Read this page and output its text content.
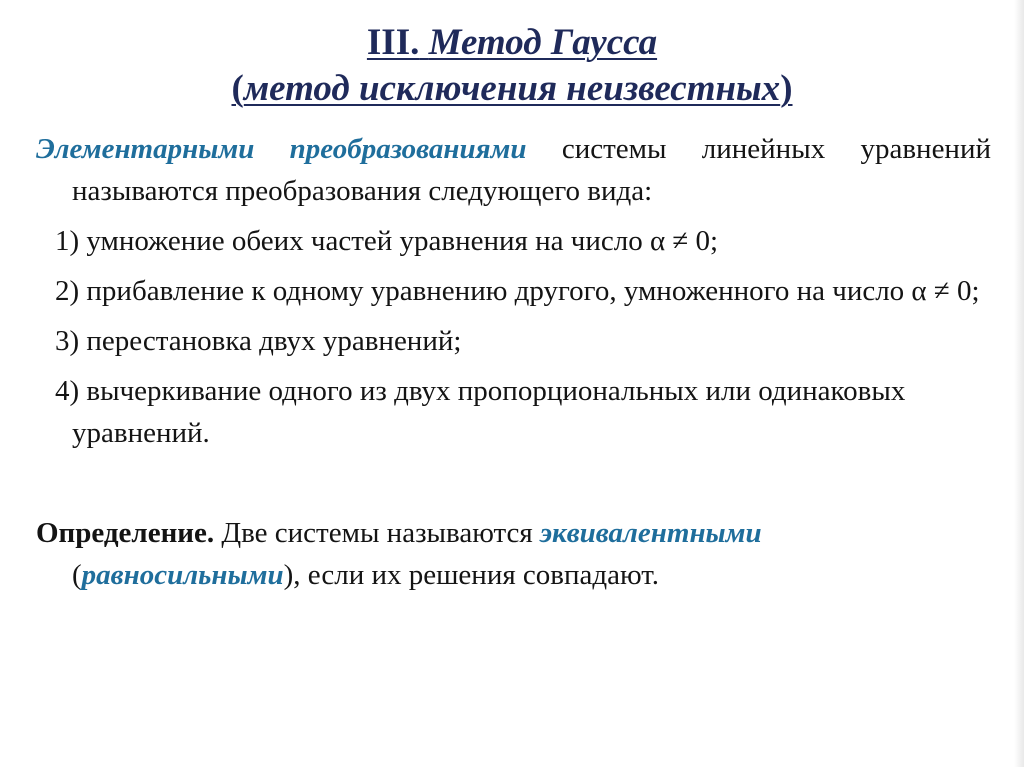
III. Метод Гаусса
(метод исключения неизвестных)

Элементарными преобразованиями системы линейных уравнений называются преобразования следующего вида:

1) умножение обеих частей уравнения на число α ≠ 0;

2) прибавление к одному уравнению другого, умноженного на число α ≠ 0;

3) перестановка двух уравнений;

4) вычеркивание одного из двух пропорциональных или одинаковых уравнений.

Определение. Две системы называются эквивалентными (равносильными), если их решения совпадают.
